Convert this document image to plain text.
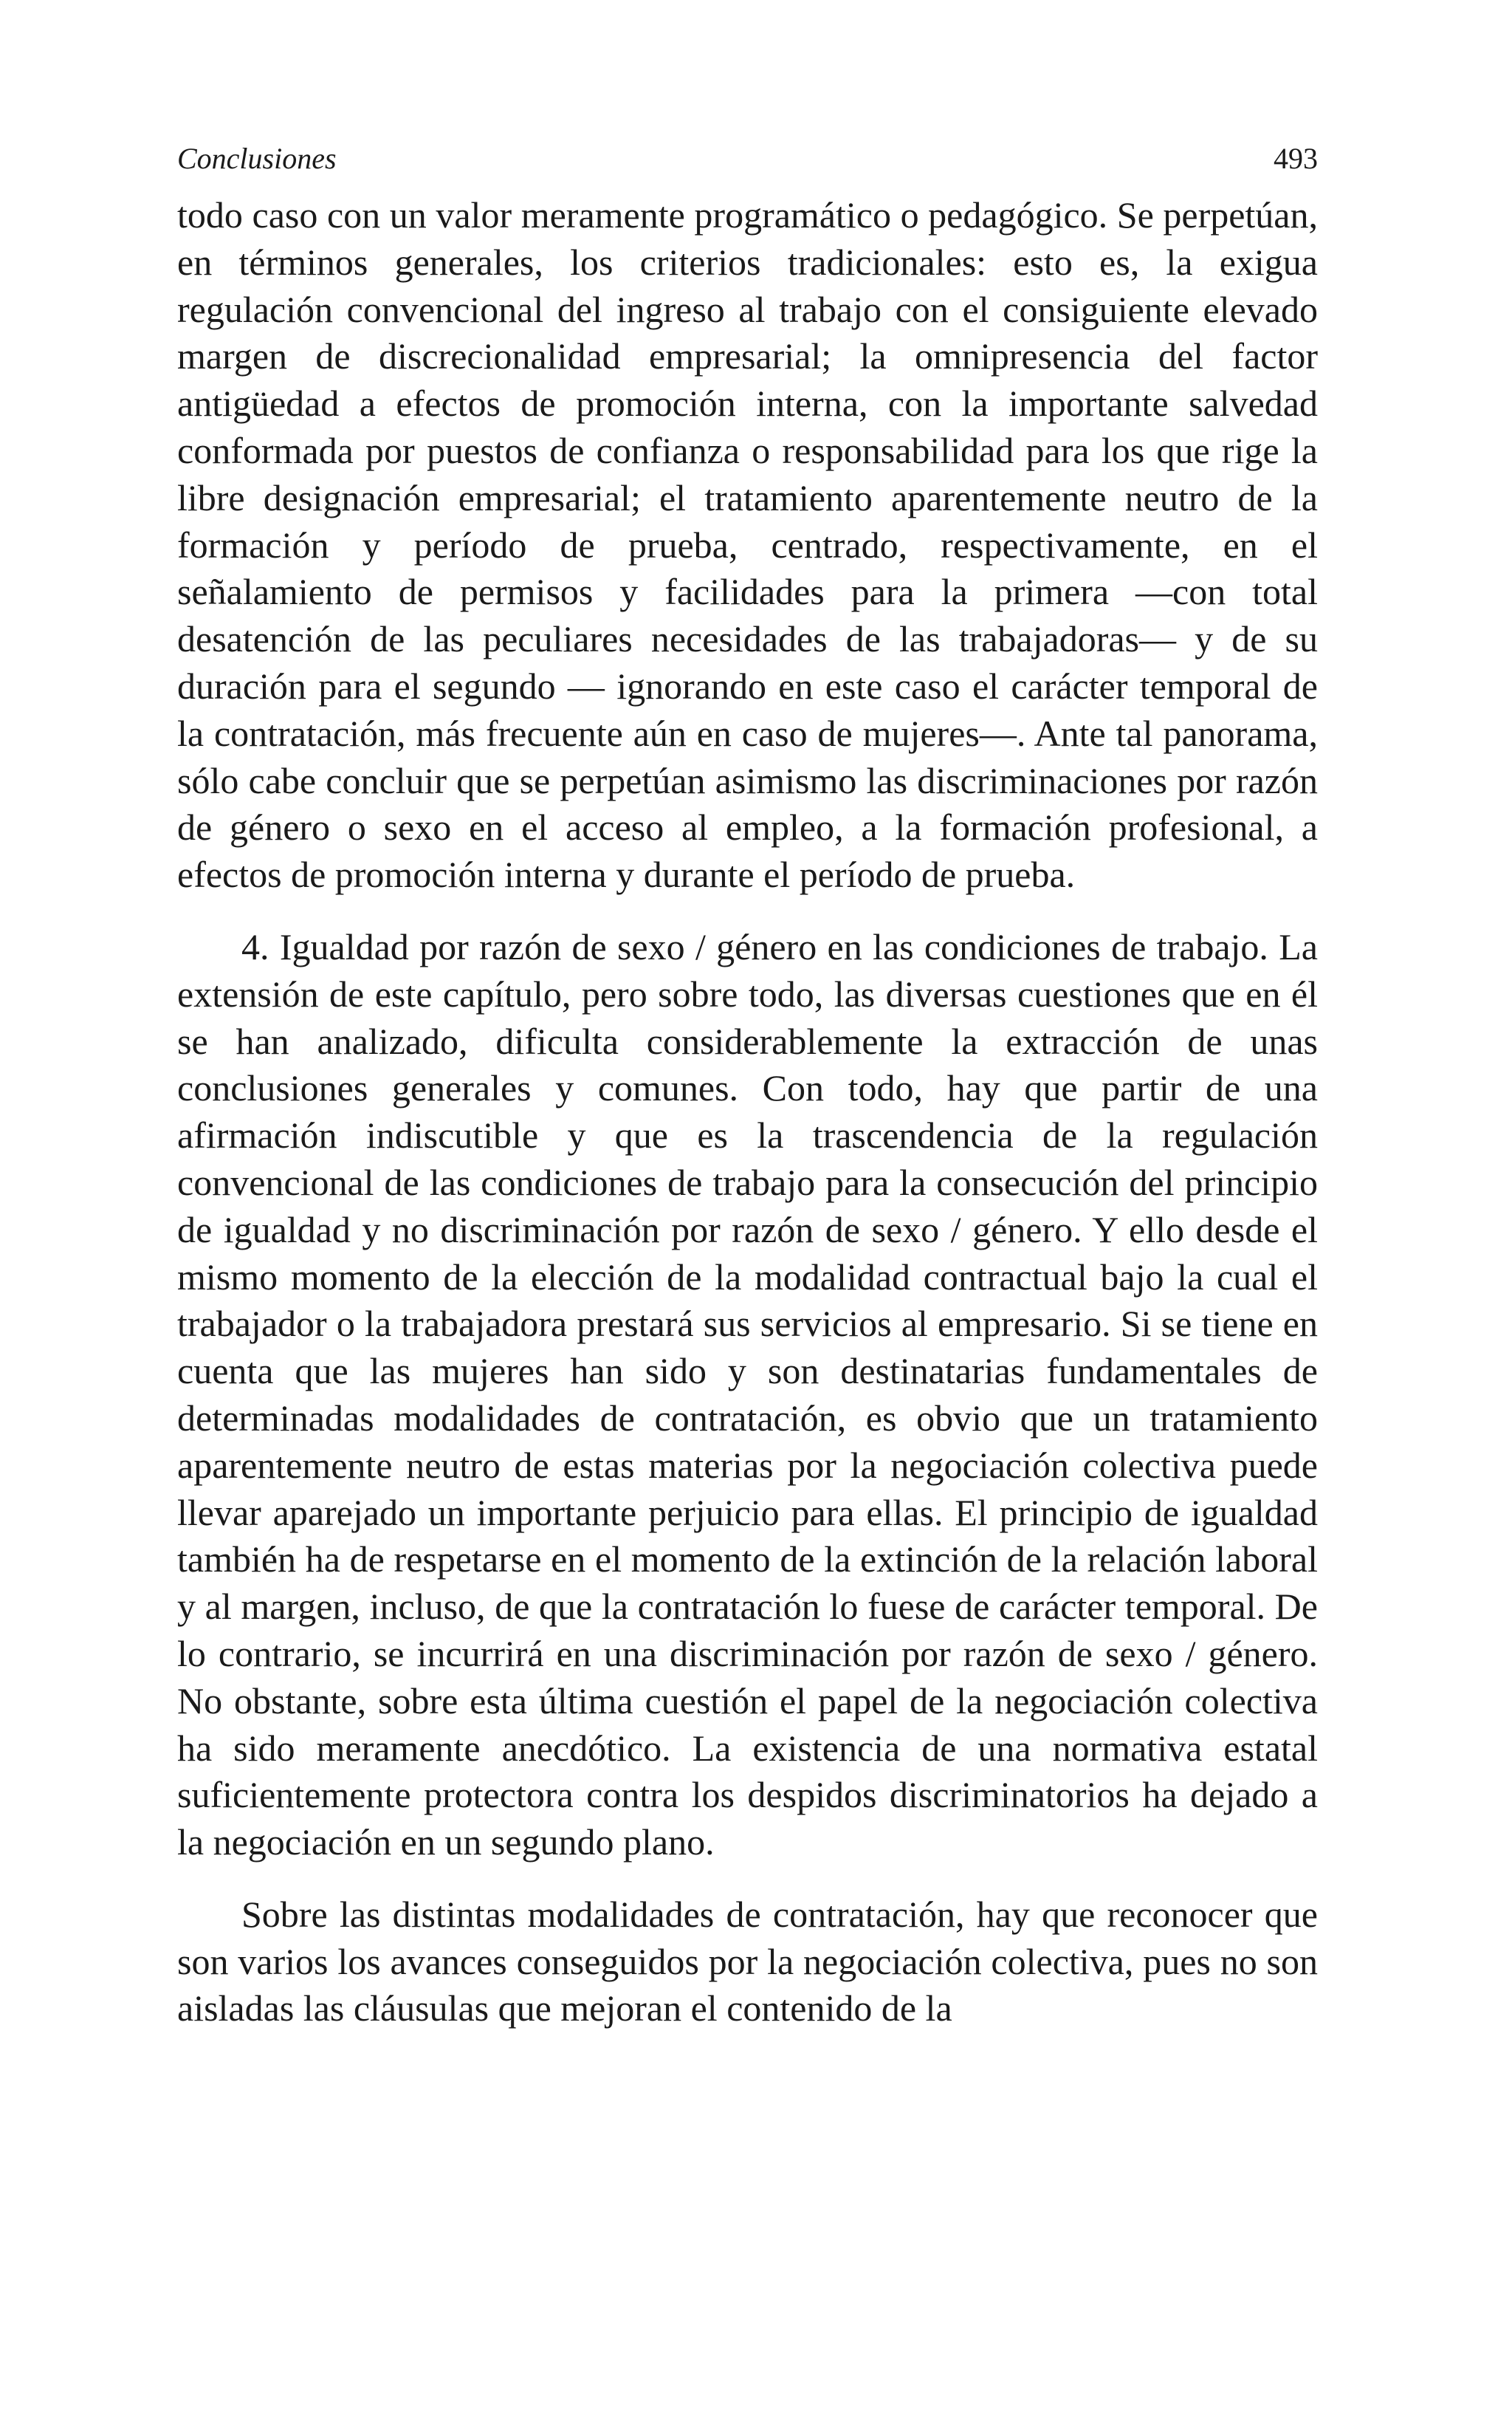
Conclusiones	493

todo caso con un valor meramente programático o pedagógico. Se perpetúan, en términos generales, los criterios tradicionales: esto es, la exigua regulación convencional del ingreso al trabajo con el consiguiente elevado margen de discrecionalidad empresarial; la omnipresencia del factor antigüedad a efectos de promoción interna, con la importante salvedad conformada por puestos de confianza o responsabilidad para los que rige la libre designación empresarial; el tratamiento aparentemente neutro de la formación y período de prueba, centrado, respectivamente, en el señalamiento de permisos y facilidades para la primera —con total desatención de las peculiares necesidades de las trabajadoras— y de su duración para el segundo — ignorando en este caso el carácter temporal de la contratación, más frecuente aún en caso de mujeres—. Ante tal panorama, sólo cabe concluir que se perpetúan asimismo las discriminaciones por razón de género o sexo en el acceso al empleo, a la formación profesional, a efectos de promoción interna y durante el período de prueba.

4. Igualdad por razón de sexo / género en las condiciones de trabajo. La extensión de este capítulo, pero sobre todo, las diversas cuestiones que en él se han analizado, dificulta considerablemente la extracción de unas conclusiones generales y comunes. Con todo, hay que partir de una afirmación indiscutible y que es la trascendencia de la regulación convencional de las condiciones de trabajo para la consecución del principio de igualdad y no discriminación por razón de sexo / género. Y ello desde el mismo momento de la elección de la modalidad contractual bajo la cual el trabajador o la trabajadora prestará sus servicios al empresario. Si se tiene en cuenta que las mujeres han sido y son destinatarias fundamentales de determinadas modalidades de contratación, es obvio que un tratamiento aparentemente neutro de estas materias por la negociación colectiva puede llevar aparejado un importante perjuicio para ellas. El principio de igualdad también ha de respetarse en el momento de la extinción de la relación laboral y al margen, incluso, de que la contratación lo fuese de carácter temporal. De lo contrario, se incurrirá en una discriminación por razón de sexo / género. No obstante, sobre esta última cuestión el papel de la negociación colectiva ha sido meramente anecdótico. La existencia de una normativa estatal suficientemente protectora contra los despidos discriminatorios ha dejado a la negociación en un segundo plano.

Sobre las distintas modalidades de contratación, hay que reconocer que son varios los avances conseguidos por la negociación colectiva, pues no son aisladas las cláusulas que mejoran el contenido de la
